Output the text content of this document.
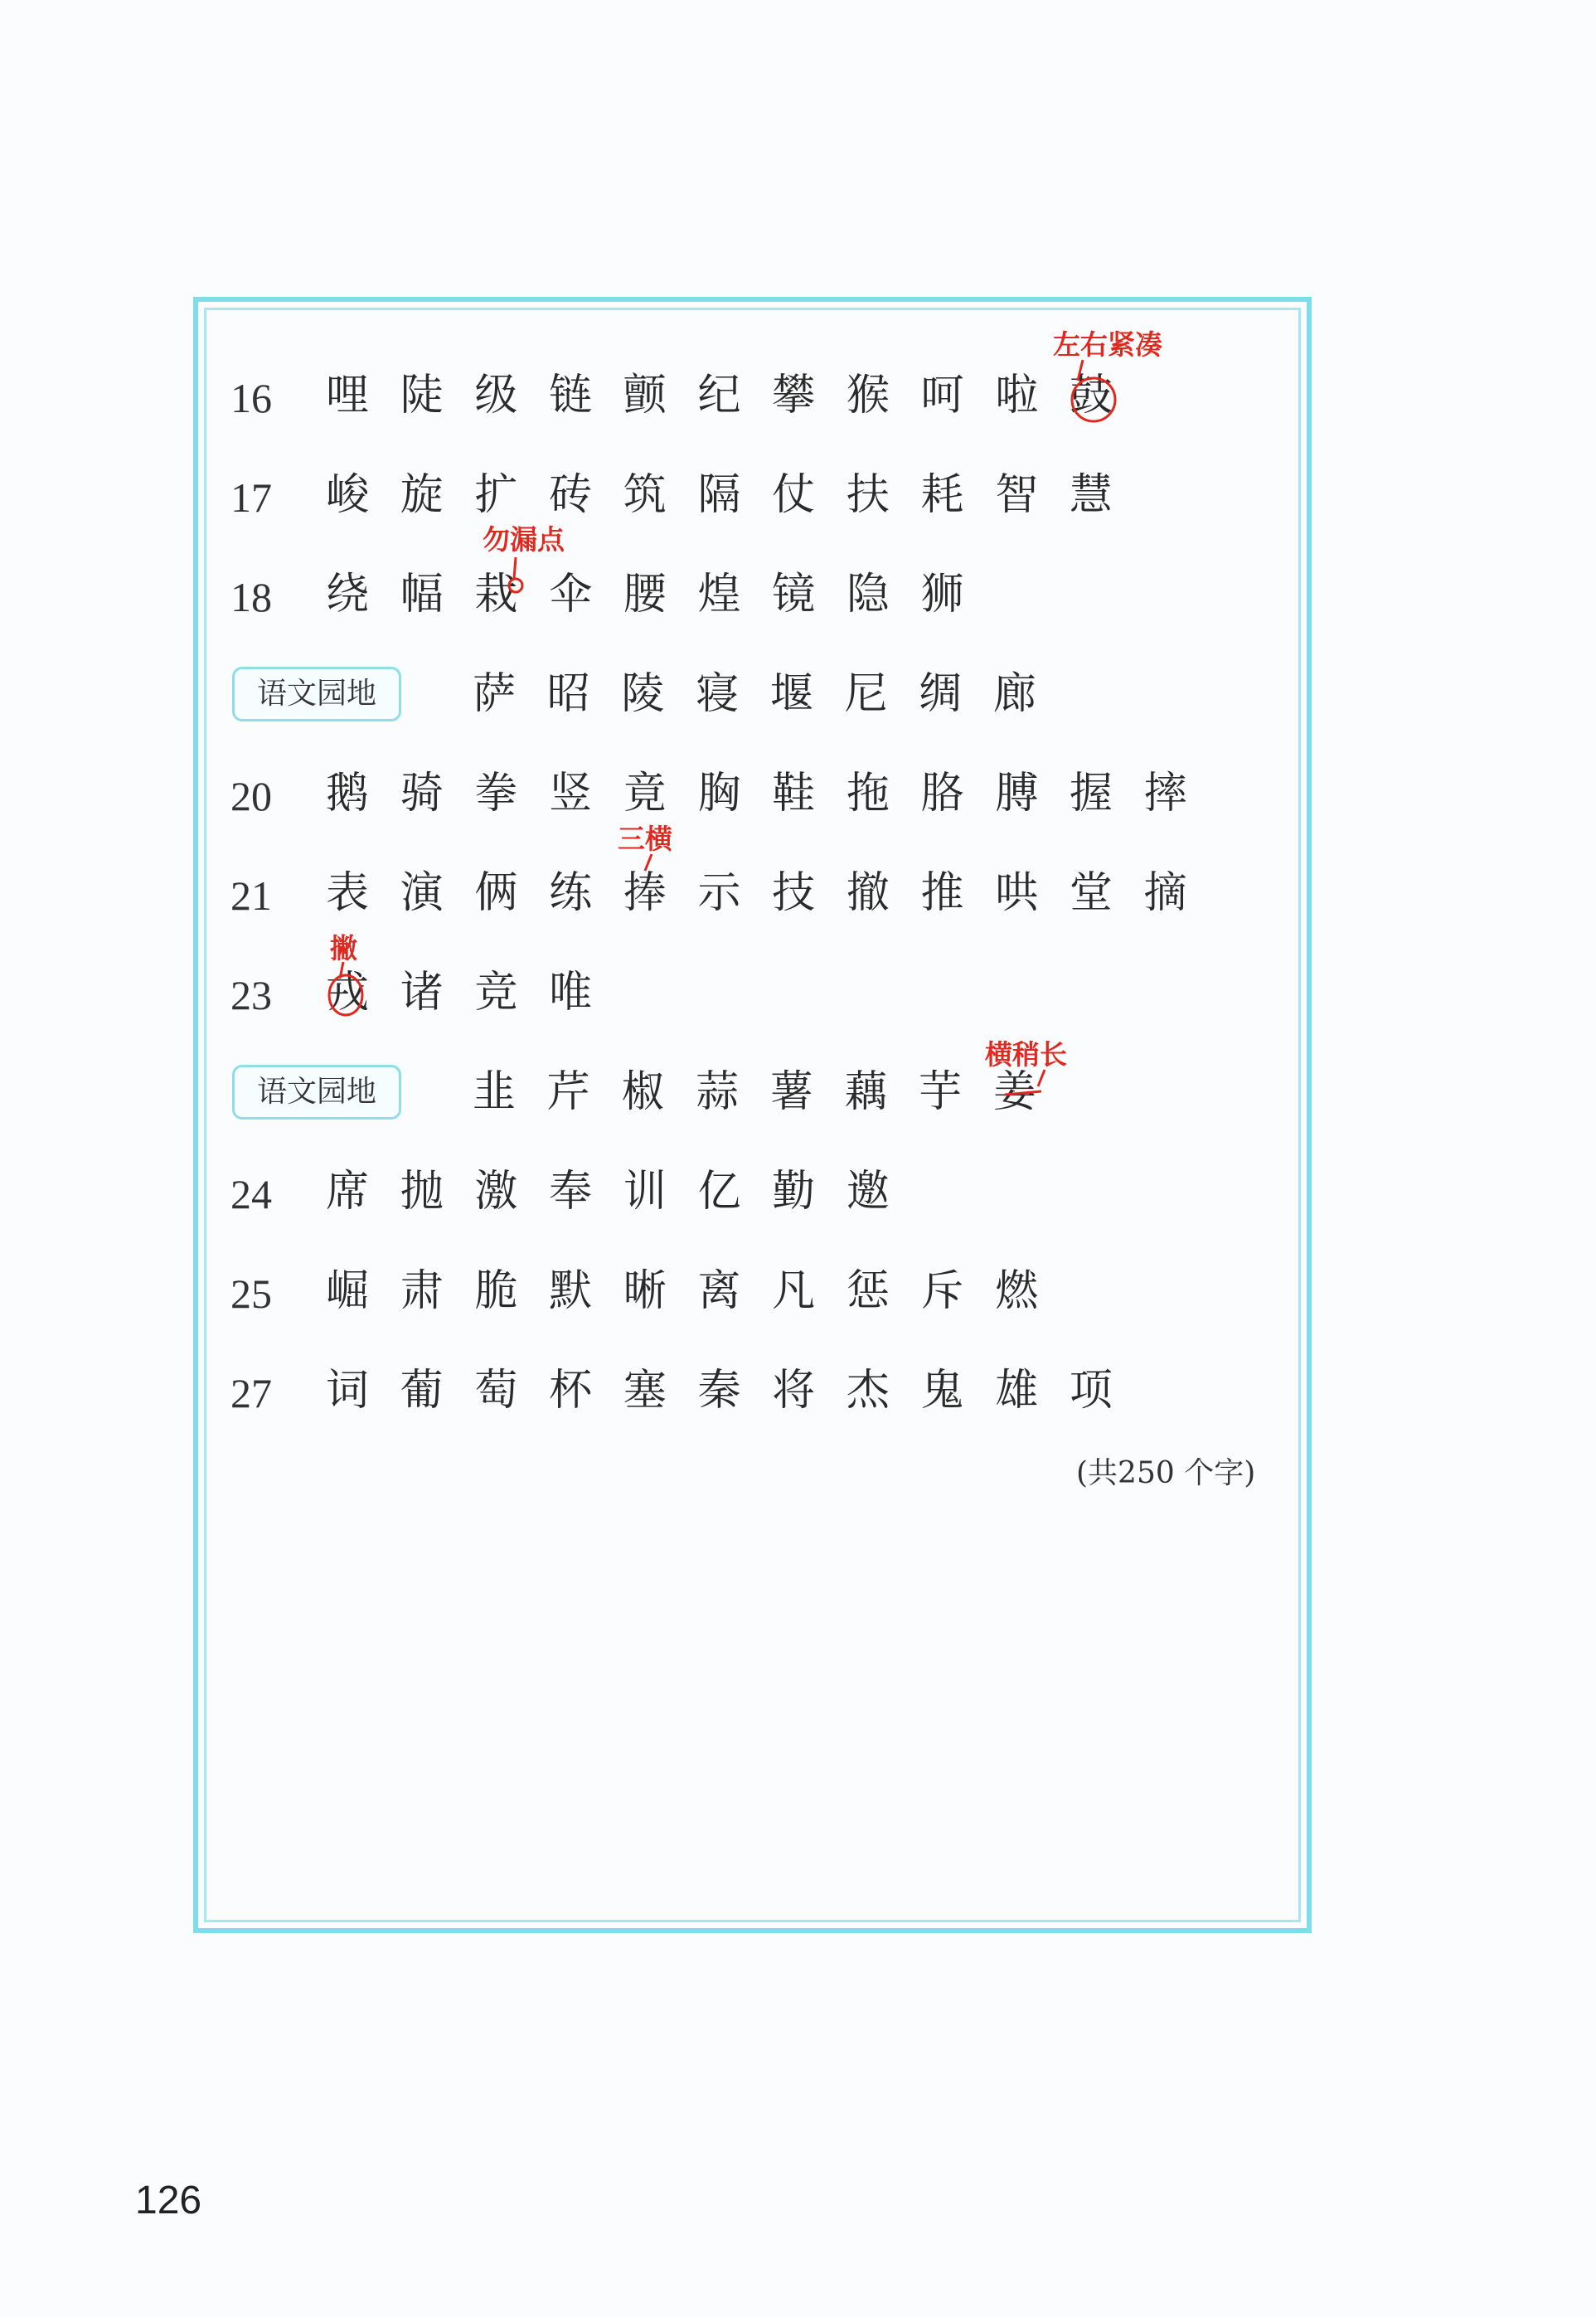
16 哩 陡 级 链 颤 纪 攀 猴 呵 啦 鼓
17 峻 旋 扩 砖 筑 隔 仗 扶 耗 智 慧
18 绕 幅 栽 伞 腰 煌 镜 隐 狮
语文园地	萨 昭 陵 寝 堰 尼 绸 廊
20 鹅 骑 拳 竖 竟 胸 鞋 拖 胳 膊 握 摔
21 表 演 俩 练 捧 示 技 撤 推 哄 堂 摘
23 戎 诸 竞 唯
语文园地	韭 芹 椒 蒜 薯 藕 芋 姜
24 席 抛 激 奉 训 亿 勤 邀
25 崛 肃 脆 默 晰 离 凡 惩 斥 燃
27 词 葡 萄 杯 塞 秦 将 杰 鬼 雄 项
左右紧凑
勿漏点
三横
撇
横稍长
(共250 个字)
126
